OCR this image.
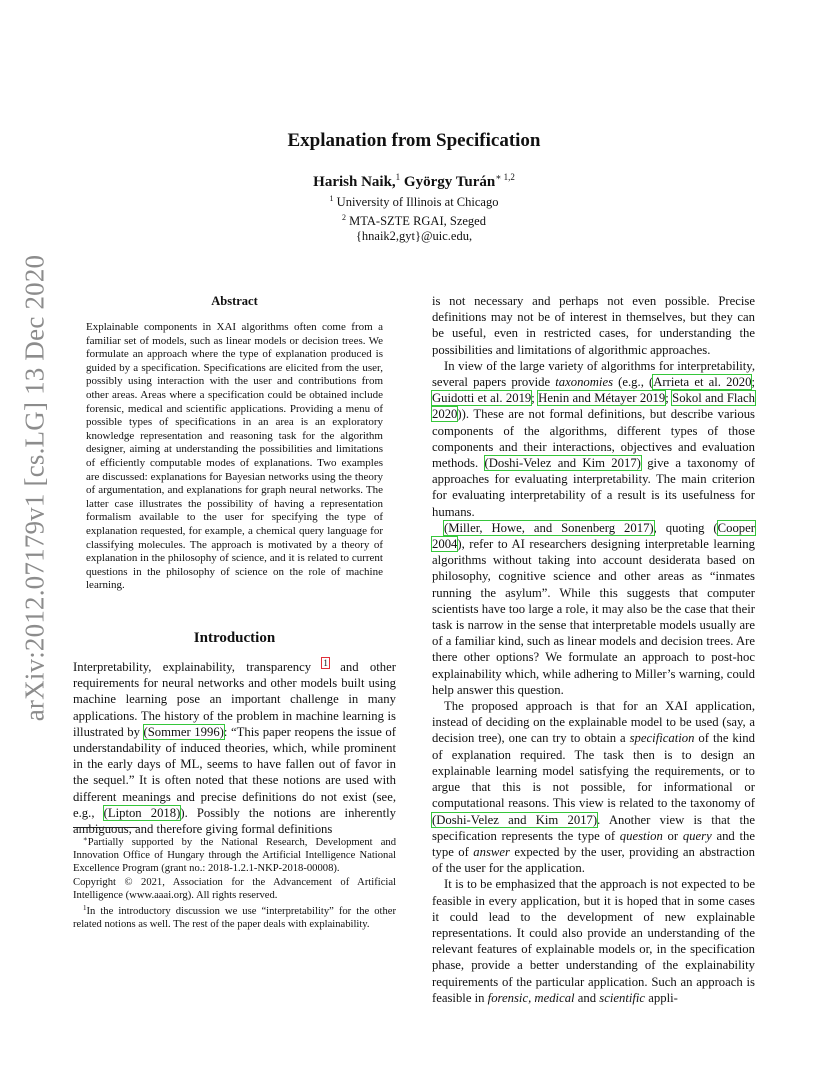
arXiv:2012.07179v1 [cs.LG] 13 Dec 2020
Explanation from Specification
Harish Naik,$^1$ György Turán$^{∗ 1,2}$
$^1$ University of Illinois at Chicago
$^2$ MTA-SZTE RGAI, Szeged
{hnaik2,gyt}@uic.edu,
Abstract
Explainable components in XAI algorithms often come from a familiar set of models, such as linear models or decision trees. We formulate an approach where the type of explanation produced is guided by a specification. Specifications are elicited from the user, possibly using interaction with the user and contributions from other areas. Areas where a specification could be obtained include forensic, medical and scientific applications. Providing a menu of possible types of specifications in an area is an exploratory knowledge representation and reasoning task for the algorithm designer, aiming at understanding the possibilities and limitations of efficiently computable modes of explanations. Two examples are discussed: explanations for Bayesian networks using the theory of argumentation, and explanations for graph neural networks. The latter case illustrates the possibility of having a representation formalism available to the user for specifying the type of explanation requested, for example, a chemical query language for classifying molecules. The approach is motivated by a theory of explanation in the philosophy of science, and it is related to current questions in the philosophy of science on the role of machine learning.
Introduction

Interpretability, explainability, transparency $^1$ and other requirements for neural networks and other models built using machine learning pose an important challenge in many applications. The history of the problem in machine learning is illustrated by (Sommer 1996): “This paper reopens the issue of understandability of induced theories, which, while prominent in the early days of ML, seems to have fallen out of favor in the sequel.” It is often noted that these notions are used with different meanings and precise definitions do not exist (see, e.g., (Lipton 2018)). Possibly the notions are inherently ambiguous, and therefore giving formal definitions

∗Partially supported by the National Research, Development and Innovation Office of Hungary through the Artificial Intelligence National Excellence Program (grant no.: 2018-1.2.1-NKP-2018-00008).

Copyright © 2021, Association for the Advancement of Artificial Intelligence (www.aaai.org). All rights reserved.

$^1$In the introductory discussion we use “interpretability” for the other related notions as well. The rest of the paper deals with explainability.

is not necessary and perhaps not even possible. Precise definitions may not be of interest in themselves, but they can be useful, even in restricted cases, for understanding the possibilities and limitations of algorithmic approaches.

In view of the large variety of algorithms for interpretability, several papers provide taxonomies (e.g., (Arrieta et al. 2020; Guidotti et al. 2019; Henin and Métayer 2019; Sokol and Flach 2020)). These are not formal definitions, but describe various components of the algorithms, different types of those components and their interactions, objectives and evaluation methods. (Doshi-Velez and Kim 2017) give a taxonomy of approaches for evaluating interpretability. The main criterion for evaluating interpretability of a result is its usefulness for humans.

(Miller, Howe, and Sonenberg 2017), quoting (Cooper 2004), refer to AI researchers designing interpretable learning algorithms without taking into account desiderata based on philosophy, cognitive science and other areas as “inmates running the asylum”. While this suggests that computer scientists have too large a role, it may also be the case that their task is narrow in the sense that interpretable models usually are of a familiar kind, such as linear models and decision trees. Are there other options? We formulate an approach to post-hoc explainability which, while adhering to Miller’s warning, could help answer this question.

The proposed approach is that for an XAI application, instead of deciding on the explainable model to be used (say, a decision tree), one can try to obtain a specification of the kind of explanation required. The task then is to design an explainable learning model satisfying the requirements, or to argue that this is not possible, for informational or computational reasons. This view is related to the taxonomy of (Doshi-Velez and Kim 2017). Another view is that the specification represents the type of question or query and the type of answer expected by the user, providing an abstraction of the user for the application.

It is to be emphasized that the approach is not expected to be feasible in every application, but it is hoped that in some cases it could lead to the development of new explainable representations. It could also provide an understanding of the relevant features of explainable models or, in the specification phase, provide a better understanding of the explainability requirements of the particular application. Such an approach is feasible in forensic, medical and scientific appli-
